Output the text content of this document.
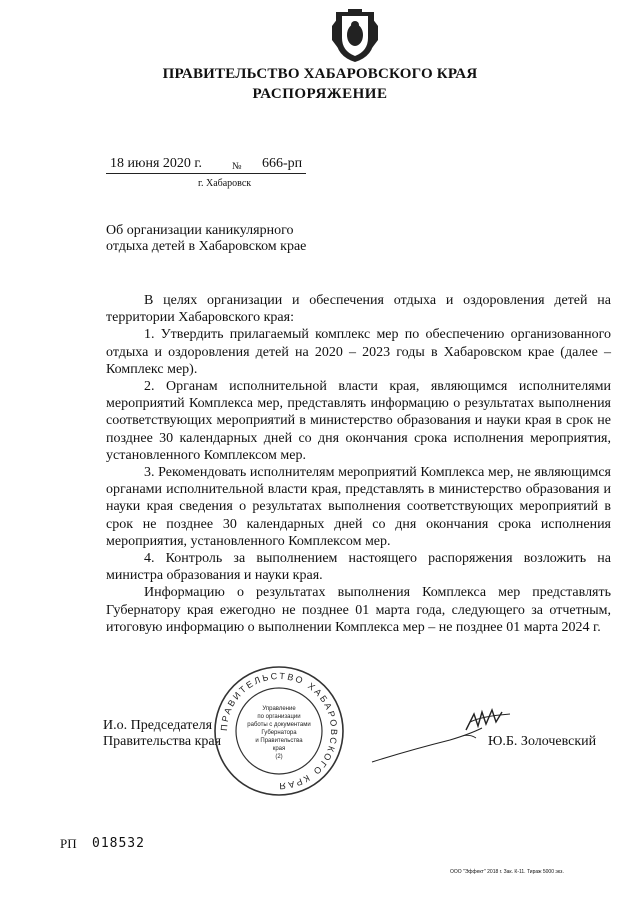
ПРАВИТЕЛЬСТВО ХАБАРОВСКОГО КРАЯ
РАСПОРЯЖЕНИЕ
18 июня 2020 г.	№ 666-рп
г. Хабаровск
Об организации каникулярного
отдыха детей в Хабаровском крае

В целях организации и обеспечения отдыха и оздоровления детей на территории Хабаровского края:

1. Утвердить прилагаемый комплекс мер по обеспечению организованного отдыха и оздоровления детей на 2020 – 2023 годы в Хабаровском крае (далее – Комплекс мер).

2. Органам исполнительной власти края, являющимся исполнителями мероприятий Комплекса мер, представлять информацию о результатах выполнения соответствующих мероприятий в министерство образования и науки края в срок не позднее 30 календарных дней со дня окончания срока исполнения мероприятия, установленного Комплексом мер.

3. Рекомендовать исполнителям мероприятий Комплекса мер, не являющимся органами исполнительной власти края, представлять в министерство образования и науки края сведения о результатах выполнения соответствующих мероприятий в срок не позднее 30 календарных дней со дня окончания срока исполнения мероприятия, установленного Комплексом мер.

4. Контроль за выполнением настоящего распоряжения возложить на министра образования и науки края.

Информацию о результатах выполнения Комплекса мер представлять Губернатору края ежегодно не позднее 01 марта года, следующего за отчетным, итоговую информацию о выполнении Комплекса мер – не позднее 01 марта 2024 г.

И.о. Председателя
Правительства края
ПРАВИТЕЛЬСТВО ХАБАРОВСКОГО КРАЯ
Управление
по организации
работы с документами
Губернатора
и Правительства
края
(2)
Ю.Б. Золочевский
РП 018532
ООО "Эффект" 2018 г. Зак. К-11. Тираж 5000 экз.
